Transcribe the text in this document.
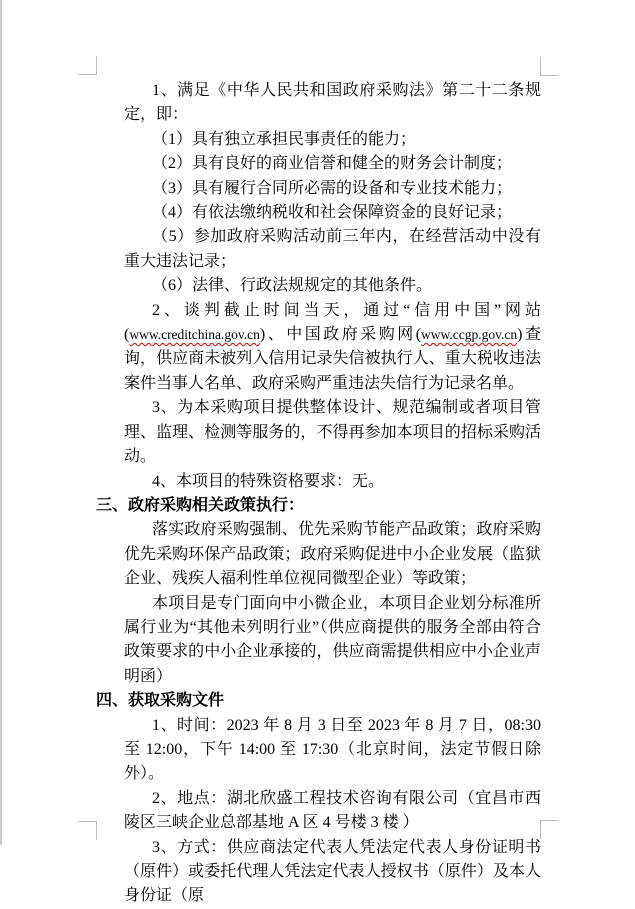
1、满足《中华人民共和国政府采购法》第二十二条规定，即：

（1）具有独立承担民事责任的能力；

（2）具有良好的商业信誉和健全的财务会计制度；

（3）具有履行合同所必需的设备和专业技术能力；

（4）有依法缴纳税收和社会保障资金的良好记录；

（5）参加政府采购活动前三年内，在经营活动中没有重大违法记录；

（6）法律、行政法规规定的其他条件。

2、谈判截止时间当天，通过“信用中国”网站(www.creditchina.gov.cn)、中国政府采购网(www.ccgp.gov.cn)查询，供应商未被列入信用记录失信被执行人、重大税收违法案件当事人名单、政府采购严重违法失信行为记录名单。

3、为本采购项目提供整体设计、规范编制或者项目管理、监理、检测等服务的，不得再参加本项目的招标采购活动。

4、本项目的特殊资格要求：无。

三、政府采购相关政策执行：

落实政府采购强制、优先采购节能产品政策；政府采购优先采购环保产品政策；政府采购促进中小企业发展（监狱企业、残疾人福利性单位视同微型企业）等政策；

本项目是专门面向中小微企业，本项目企业划分标准所属行业为“其他未列明行业”（供应商提供的服务全部由符合政策要求的中小企业承接的，供应商需提供相应中小企业声明函）

四、获取采购文件

1、时间：2023 年 8 月 3 日至 2023 年 8 月 7 日，08:30 至 12:00，下午 14:00 至 17:30（北京时间，法定节假日除外）。

2、地点：湖北欣盛工程技术咨询有限公司（宜昌市西陵区三峡企业总部基地 A 区 4 号楼 3 楼 ）

3、方式：供应商法定代表人凭法定代表人身份证明书（原件）或委托代理人凭法定代表人授权书（原件）及本人身份证（原
